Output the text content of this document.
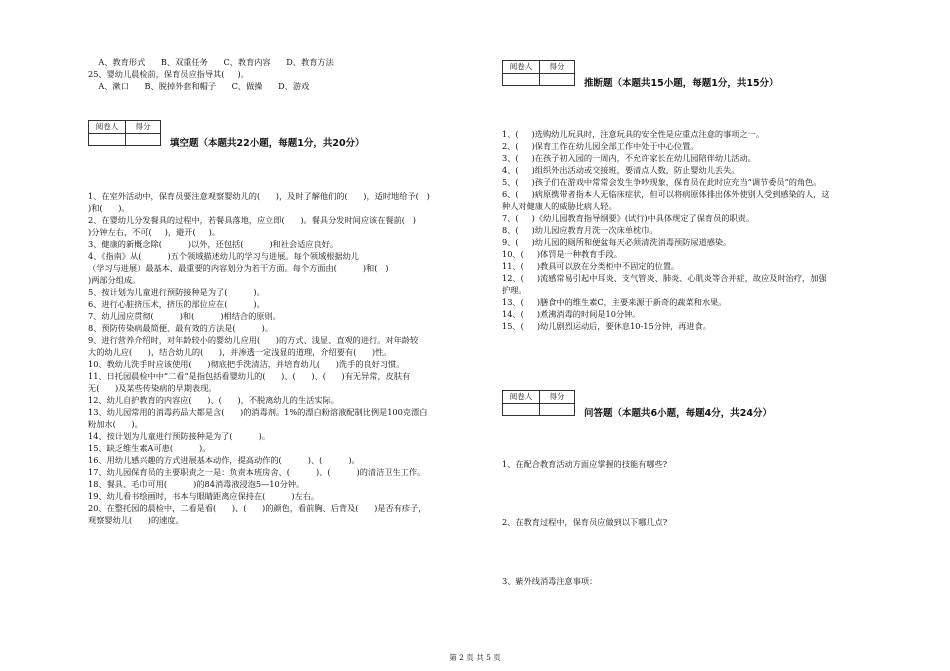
A、教育形式      B、双重任务      C、教育内容      D、教育方法
25、婴幼儿晨检前，保育员应指导其(     )。
A、漱口      B、脱掉外套和帽子      C、做操      D、游戏
阅卷人	得分

填空题（本题共22小题，每题1分，共20分）
1、在室外活动中，保育员要注意观察婴幼儿的(      )，及时了解他们的(      )，适时地给予(   )
)和(      )。
2、在婴幼儿分发餐具的过程中，若餐具落地，应立即(      )。餐具分发时间应该在餐前(   )
)分钟左右，不可(     )，避开(     )。
3、健康的新概念除(          )以外，还包括(          )和社会适应良好。
4、《指南》从(          )五个领域描述幼儿的学习与进展。每个领域根据幼儿
（学习与进展）最基本、最重要的内容划分为若干方面。每个方面由(          )和(   )
)两部分组成。
5、按计划为儿童进行预防接种是为了(          )。
6、进行心脏挤压术，挤压的部位应在(          )。
7、幼儿园应贯彻(          )和(          )相结合的原则。
8、预防传染病最简便、最有效的方法是(          )。
9、进行营养介绍时，对年龄较小的婴幼儿应用(      )的方式、浅显、直观的进行。对年龄较
大的幼儿应(      )，结合幼儿的(      )，并渗透一定浅显的道理，介绍要有(      )性。
10、教幼儿洗手时应该使用(      )彻底把手洗清洁，并培育幼儿(      )洗手的良好习惯。
11、日托园晨检中中“二看”是指包括看婴幼儿的(      )、(      )、(      )有无异常，皮肤有
无(      )及某些传染病的早期表现。
12、幼儿自护教育的内容应(      )、(      )，不脱离幼儿的生活实际。
13、幼儿园常用的消毒药品大都是含(      )的消毒剂。1%的漂白粉溶液配制比例是100克漂白
粉加水(      )。
14、按计划为儿童进行预防接种是为了(          )。
15、缺乏维生素A可患(          )。
16、用幼儿感兴趣的方式进展基本动作，提高动作的(          )、(          )。
17、幼儿园保育员的主要职责之一是：负责本班房舍、(          )、(          )的清洁卫生工作。
18、餐具、毛巾可用(          )的84消毒液浸泡5—10分钟。
19、幼儿看书绘画时，书本与眼睛距离应保持在(          )左右。
20、在整托园的晨检中，二看是看(      )、(      )的颜色，看前胸、后背及(      )是否有疹子，
观察婴幼儿(      )的速度。
阅卷人	得分

推断题（本题共15小题，每题1分，共15分）
1、(     )选购幼儿玩具时，注意玩具的安全性是应重点注意的事项之一。
2、(     )保育工作在幼儿园全部工作中处于中心位置。
3、(     )在孩子初入园的一周内，不允许家长在幼儿园陪伴幼儿活动。
4、(     )组织外出活动或交接班，要清点人数，防止婴幼儿丢失。
5、(     )孩子们在游戏中常常会发生争吵现象，保育员在此时应充当“调节委员”的角色。
6、(     )病原携带者指本人无临床症状，但可以将病原体排出体外使别人受到感染的人，这
种人对健康人的威胁比病人轻。
7、(     )《幼儿园教育指导纲要》(试行)中具体规定了保育员的职责。
8、(     )幼儿园应教育月洗一次床单枕巾。
9、(     )幼儿园的厕所和便盆每天必须清洗消毒预防尿道感染。
10、(     )体罚是一种教育手段。
11、(     )教具可以放在分类柜中不固定的位置。
12、(     )流感常易引起中耳炎、支气管炎、肺炎、心肌炎等合并症，故应及时治疗，加强
护理。
13、(     )膳食中的维生素C，主要来源于新奇的蔬菜和水果。
14、(     )煮沸消毒的时间是10分钟。
15、(     )幼儿剧烈运动后，要休息10-15分钟，再进食。
阅卷人	得分

问答题（本题共6小题，每题4分，共24分）
1、在配合教育活动方面应掌握的技能有哪些?
2、在教育过程中，保育员应做到以下哪几点?
3、紫外线消毒注意事项：
第 2 页 共 5 页
